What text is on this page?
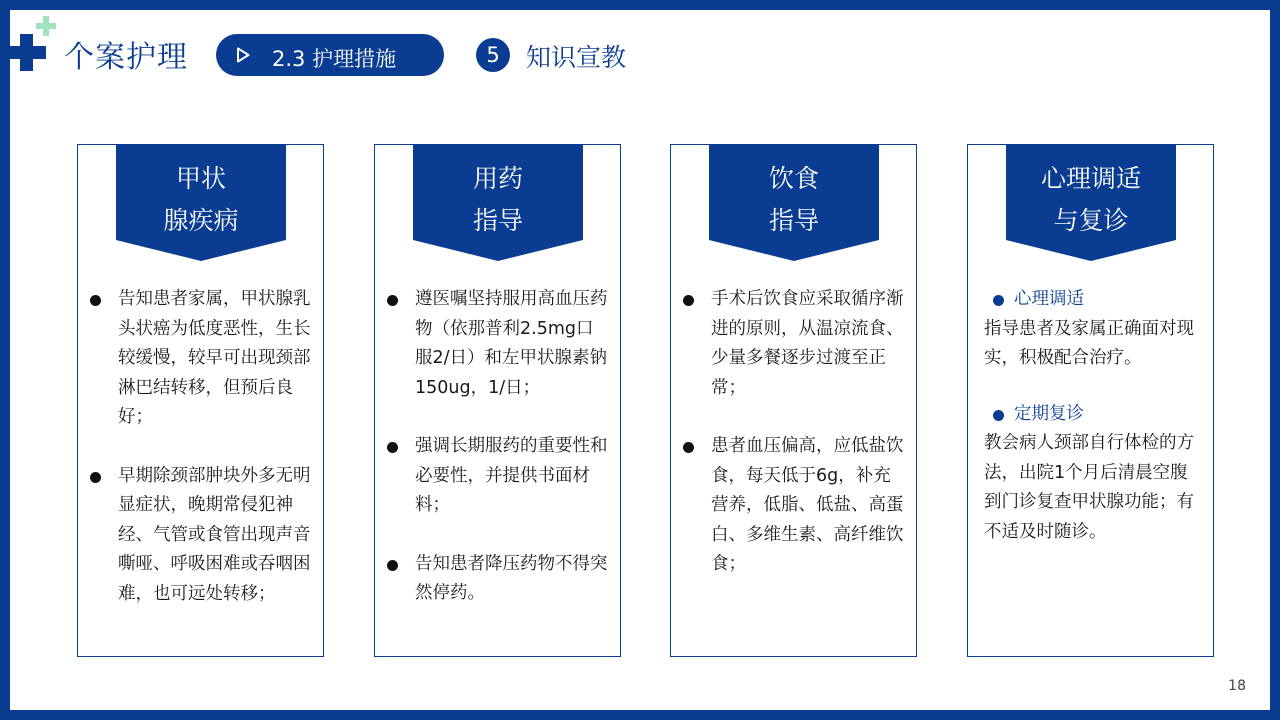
个案护理	2.3 护理措施	5	知识宣教
甲状
腺疾病
告知患者家属，甲状腺乳头状癌为低度恶性，生长较缓慢，较早可出现颈部淋巴结转移，但预后良好；
早期除颈部肿块外多无明显症状，晚期常侵犯神经、气管或食管出现声音嘶哑、呼吸困难或吞咽困难，也可远处转移；
用药
指导
遵医嘱坚持服用高血压药物（依那普利2.5mg口服2/日）和左甲状腺素钠150ug，1/日；
强调长期服药的重要性和必要性，并提供书面材料；
告知患者降压药物不得突然停药。
饮食
指导
手术后饮食应采取循序渐进的原则，从温凉流食、少量多餐逐步过渡至正常；
患者血压偏高，应低盐饮食，每天低于6g，补充营养，低脂、低盐、高蛋白、多维生素、高纤维饮食；
心理调适
与复诊
心理调适
指导患者及家属正确面对现实，积极配合治疗。
定期复诊
教会病人颈部自行体检的方法，出院1个月后清晨空腹到门诊复查甲状腺功能；有不适及时随诊。
18
